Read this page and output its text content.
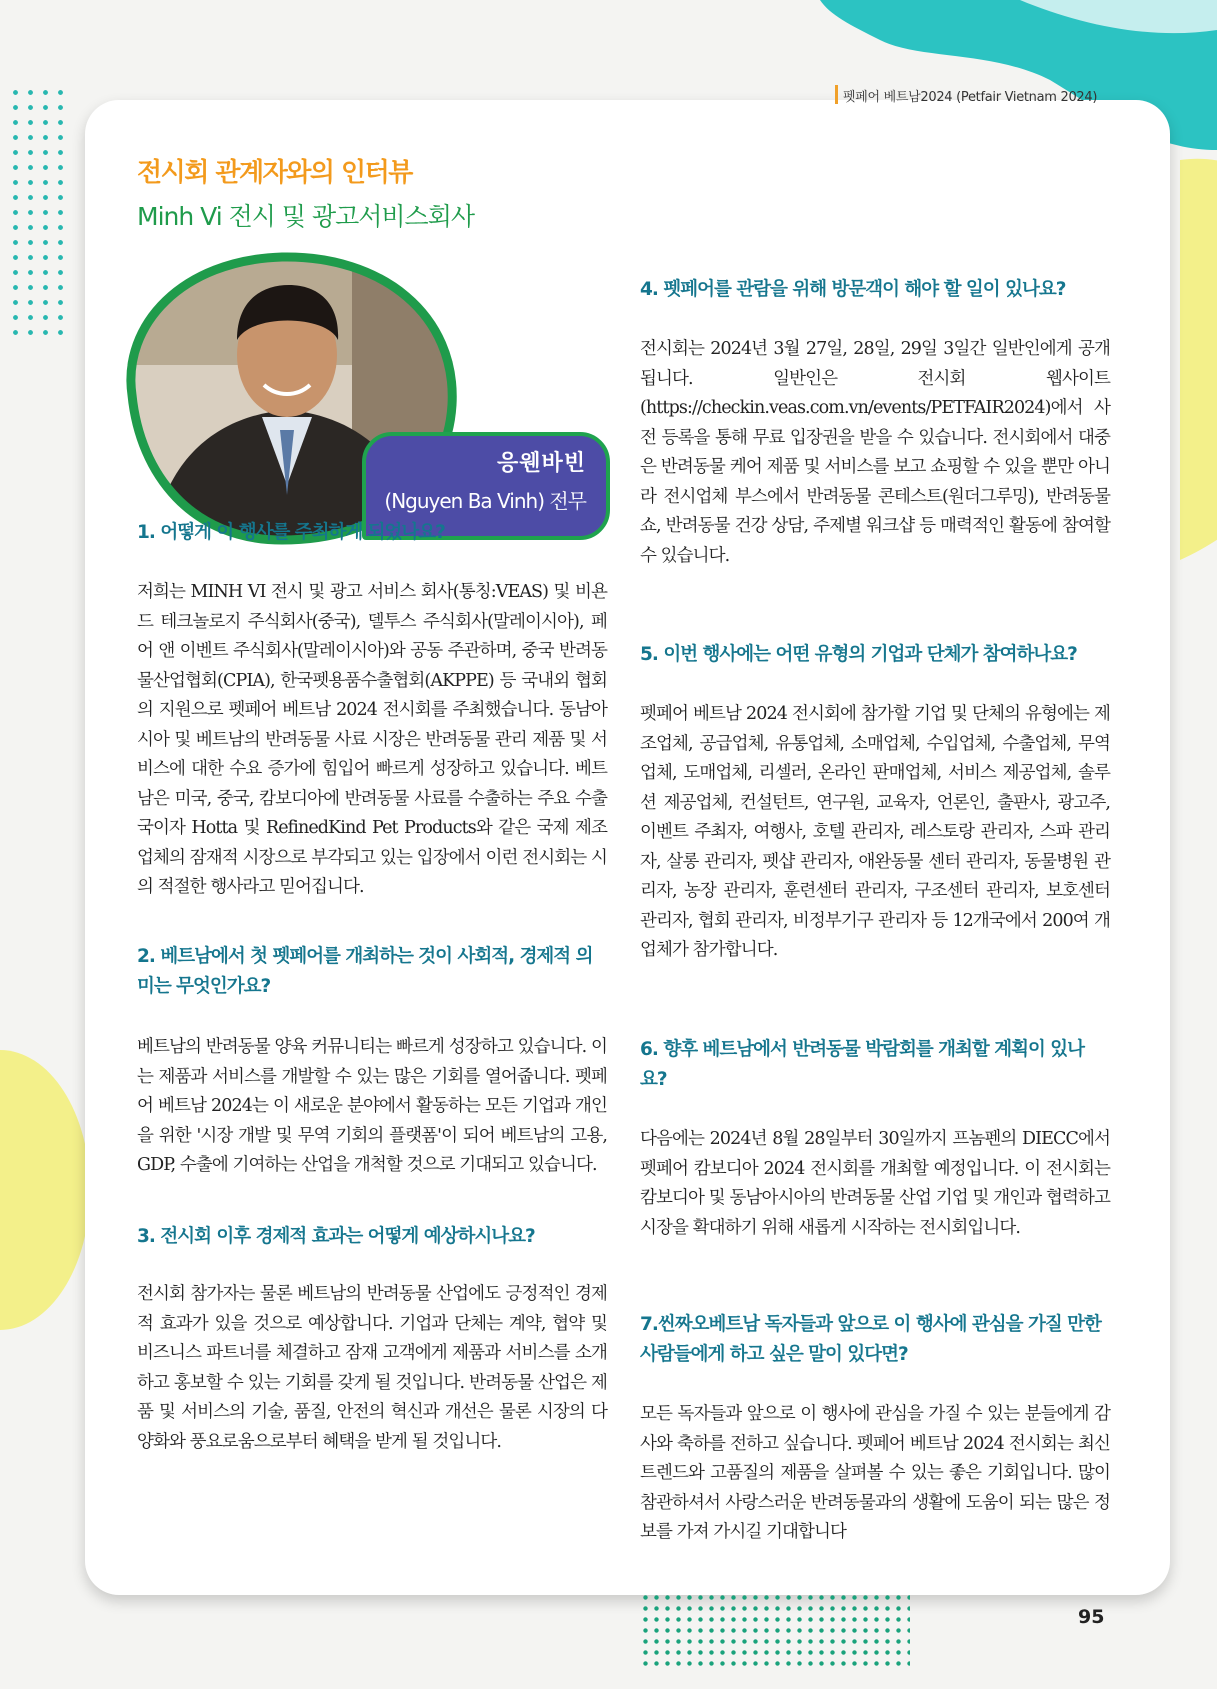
펫페어 베트남2024 (Petfair Vietnam 2024)
전시회 관계자와의 인터뷰
Minh Vi 전시 및 광고서비스회사
응웬바빈
(Nguyen Ba Vinh) 전무
1. 어떻게 이 행사를 주최하게 되었나요?
저희는 MINH VI 전시 및 광고 서비스 회사(통칭:VEAS) 및 비욘드 테크놀로지 주식회사(중국), 델투스 주식회사(말레이시아), 페어 앤 이벤트 주식회사(말레이시아)와 공동 주관하며, 중국 반려동물산업협회(CPIA), 한국펫용품수출협회(AKPPE) 등 국내외 협회의 지원으로 펫페어 베트남 2024 전시회를 주최했습니다. 동남아시아 및 베트남의 반려동물 사료 시장은 반려동물 관리 제품 및 서비스에 대한 수요 증가에 힘입어 빠르게 성장하고 있습니다. 베트남은 미국, 중국, 캄보디아에 반려동물 사료를 수출하는 주요 수출국이자 Hotta 및 RefinedKind Pet Products와 같은 국제 제조업체의 잠재적 시장으로 부각되고 있는 입장에서 이런 전시회는 시의 적절한 행사라고 믿어집니다.
2. 베트남에서 첫 펫페어를 개최하는 것이 사회적, 경제적 의미는 무엇인가요?
베트남의 반려동물 양육 커뮤니티는 빠르게 성장하고 있습니다. 이는 제품과 서비스를 개발할 수 있는 많은 기회를 열어줍니다. 펫페어 베트남 2024는 이 새로운 분야에서 활동하는 모든 기업과 개인을 위한 '시장 개발 및 무역 기회의 플랫폼'이 되어 베트남의 고용, GDP, 수출에 기여하는 산업을 개척할 것으로 기대되고 있습니다.
3. 전시회 이후 경제적 효과는 어떻게 예상하시나요?
전시회 참가자는 물론 베트남의 반려동물 산업에도 긍정적인 경제적 효과가 있을 것으로 예상합니다. 기업과 단체는 계약, 협약 및 비즈니스 파트너를 체결하고 잠재 고객에게 제품과 서비스를 소개하고 홍보할 수 있는 기회를 갖게 될 것입니다. 반려동물 산업은 제품 및 서비스의 기술, 품질, 안전의 혁신과 개선은 물론 시장의 다양화와 풍요로움으로부터 혜택을 받게 될 것입니다.
4. 펫페어를 관람을 위해 방문객이 해야 할 일이 있나요?
전시회는 2024년 3월 27일, 28일, 29일 3일간 일반인에게 공개됩니다. 일반인은 전시회 웹사이트(https://checkin.veas.com.vn/events/PETFAIR2024)에서 사전 등록을 통해 무료 입장권을 받을 수 있습니다. 전시회에서 대중은 반려동물 케어 제품 및 서비스를 보고 쇼핑할 수 있을 뿐만 아니라 전시업체 부스에서 반려동물 콘테스트(원더그루밍), 반려동물 쇼, 반려동물 건강 상담, 주제별 워크샵 등 매력적인 활동에 참여할 수 있습니다.
5. 이번 행사에는 어떤 유형의 기업과 단체가 참여하나요?
펫페어 베트남 2024 전시회에 참가할 기업 및 단체의 유형에는 제조업체, 공급업체, 유통업체, 소매업체, 수입업체, 수출업체, 무역업체, 도매업체, 리셀러, 온라인 판매업체, 서비스 제공업체, 솔루션 제공업체, 컨설턴트, 연구원, 교육자, 언론인, 출판사, 광고주, 이벤트 주최자, 여행사, 호텔 관리자, 레스토랑 관리자, 스파 관리자, 살롱 관리자, 펫샵 관리자, 애완동물 센터 관리자, 동물병원 관리자, 농장 관리자, 훈련센터 관리자, 구조센터 관리자, 보호센터 관리자, 협회 관리자, 비정부기구 관리자 등 12개국에서 200여 개 업체가 참가합니다.
6. 향후 베트남에서 반려동물 박람회를 개최할 계획이 있나요?
다음에는 2024년 8월 28일부터 30일까지 프놈펜의 DIECC에서 펫페어 캄보디아 2024 전시회를 개최할 예정입니다. 이 전시회는 캄보디아 및 동남아시아의 반려동물 산업 기업 및 개인과 협력하고 시장을 확대하기 위해 새롭게 시작하는 전시회입니다.
7.씬짜오베트남 독자들과 앞으로 이 행사에 관심을 가질 만한 사람들에게 하고 싶은 말이 있다면?
모든 독자들과 앞으로 이 행사에 관심을 가질 수 있는 분들에게 감사와 축하를 전하고 싶습니다. 펫페어 베트남 2024 전시회는 최신 트렌드와 고품질의 제품을 살펴볼 수 있는 좋은 기회입니다. 많이 참관하셔서 사랑스러운 반려동물과의 생활에 도움이 되는 많은 정보를 가져 가시길 기대합니다
95
